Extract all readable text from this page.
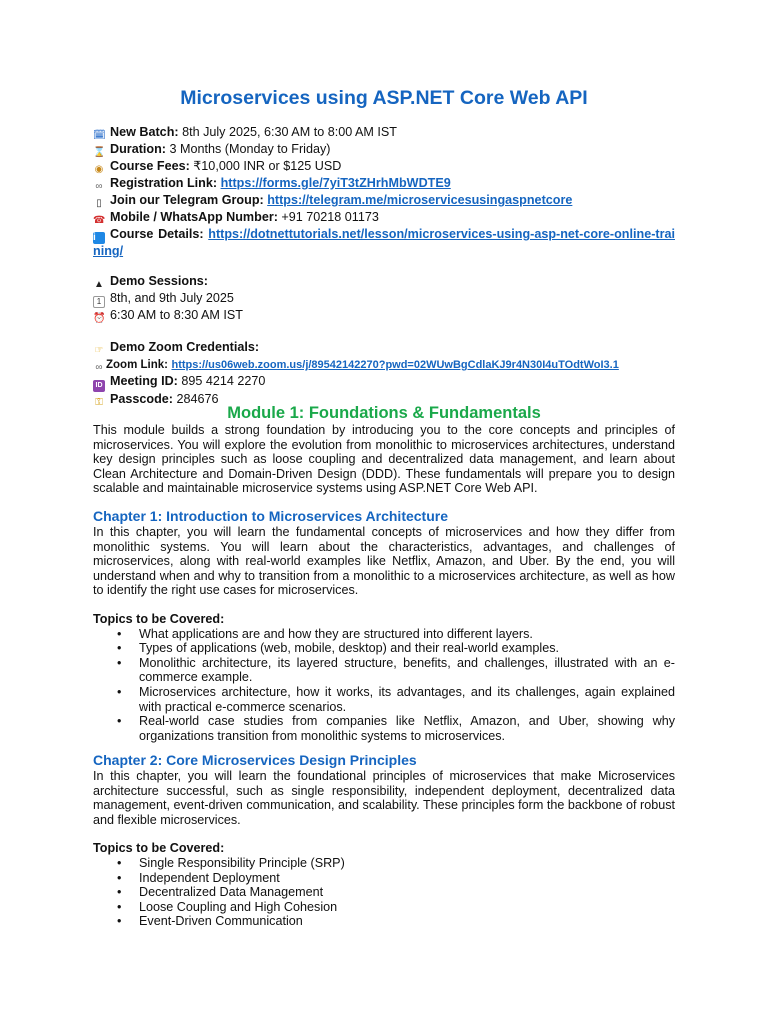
Microservices using ASP.NET Core Web API
🗓 New Batch: 8th July 2025, 6:30 AM to 8:00 AM IST
⌛ Duration: 3 Months (Monday to Friday)
◉ Course Fees: ₹10,000 INR or $125 USD
∞ Registration Link: https://forms.gle/7yiT3tZHrhMbWDTE9
▯ Join our Telegram Group: https://telegram.me/microservicesusingaspnetcore
☎ Mobile / WhatsApp Number: +91 70218 01173
i Course Details: https://dotnettutorials.net/lesson/microservices-using-asp-net-core-online-training/
▲ Demo Sessions:
1 8th, and 9th July 2025
⏰ 6:30 AM to 8:30 AM IST
☞ Demo Zoom Credentials:
∞ Zoom Link: https://us06web.zoom.us/j/89542142270?pwd=02WUwBgCdlaKJ9r4N30I4uTOdtWoI3.1
ID Meeting ID: 895 4214 2270
⚿ Passcode: 284676
Module 1: Foundations & Fundamentals

This module builds a strong foundation by introducing you to the core concepts and principles of microservices. You will explore the evolution from monolithic to microservices architectures, understand key design principles such as loose coupling and decentralized data management, and learn about Clean Architecture and Domain-Driven Design (DDD). These fundamentals will prepare you to design scalable and maintainable microservice systems using ASP.NET Core Web API.

Chapter 1: Introduction to Microservices Architecture

In this chapter, you will learn the fundamental concepts of microservices and how they differ from monolithic systems. You will learn about the characteristics, advantages, and challenges of microservices, along with real-world examples like Netflix, Amazon, and Uber. By the end, you will understand when and why to transition from a monolithic to a microservices architecture, as well as how to identify the right use cases for microservices.

Topics to be Covered:

• What applications are and how they are structured into different layers.
• Types of applications (web, mobile, desktop) and their real-world examples.
• Monolithic architecture, its layered structure, benefits, and challenges, illustrated with an e-commerce example.
• Microservices architecture, how it works, its advantages, and its challenges, again explained with practical e-commerce scenarios.
• Real-world case studies from companies like Netflix, Amazon, and Uber, showing why organizations transition from monolithic systems to microservices.
Chapter 2: Core Microservices Design Principles

In this chapter, you will learn the foundational principles of microservices that make Microservices architecture successful, such as single responsibility, independent deployment, decentralized data management, event-driven communication, and scalability. These principles form the backbone of robust and flexible microservices.

Topics to be Covered:

• Single Responsibility Principle (SRP)
• Independent Deployment
• Decentralized Data Management
• Loose Coupling and High Cohesion
• Event-Driven Communication
